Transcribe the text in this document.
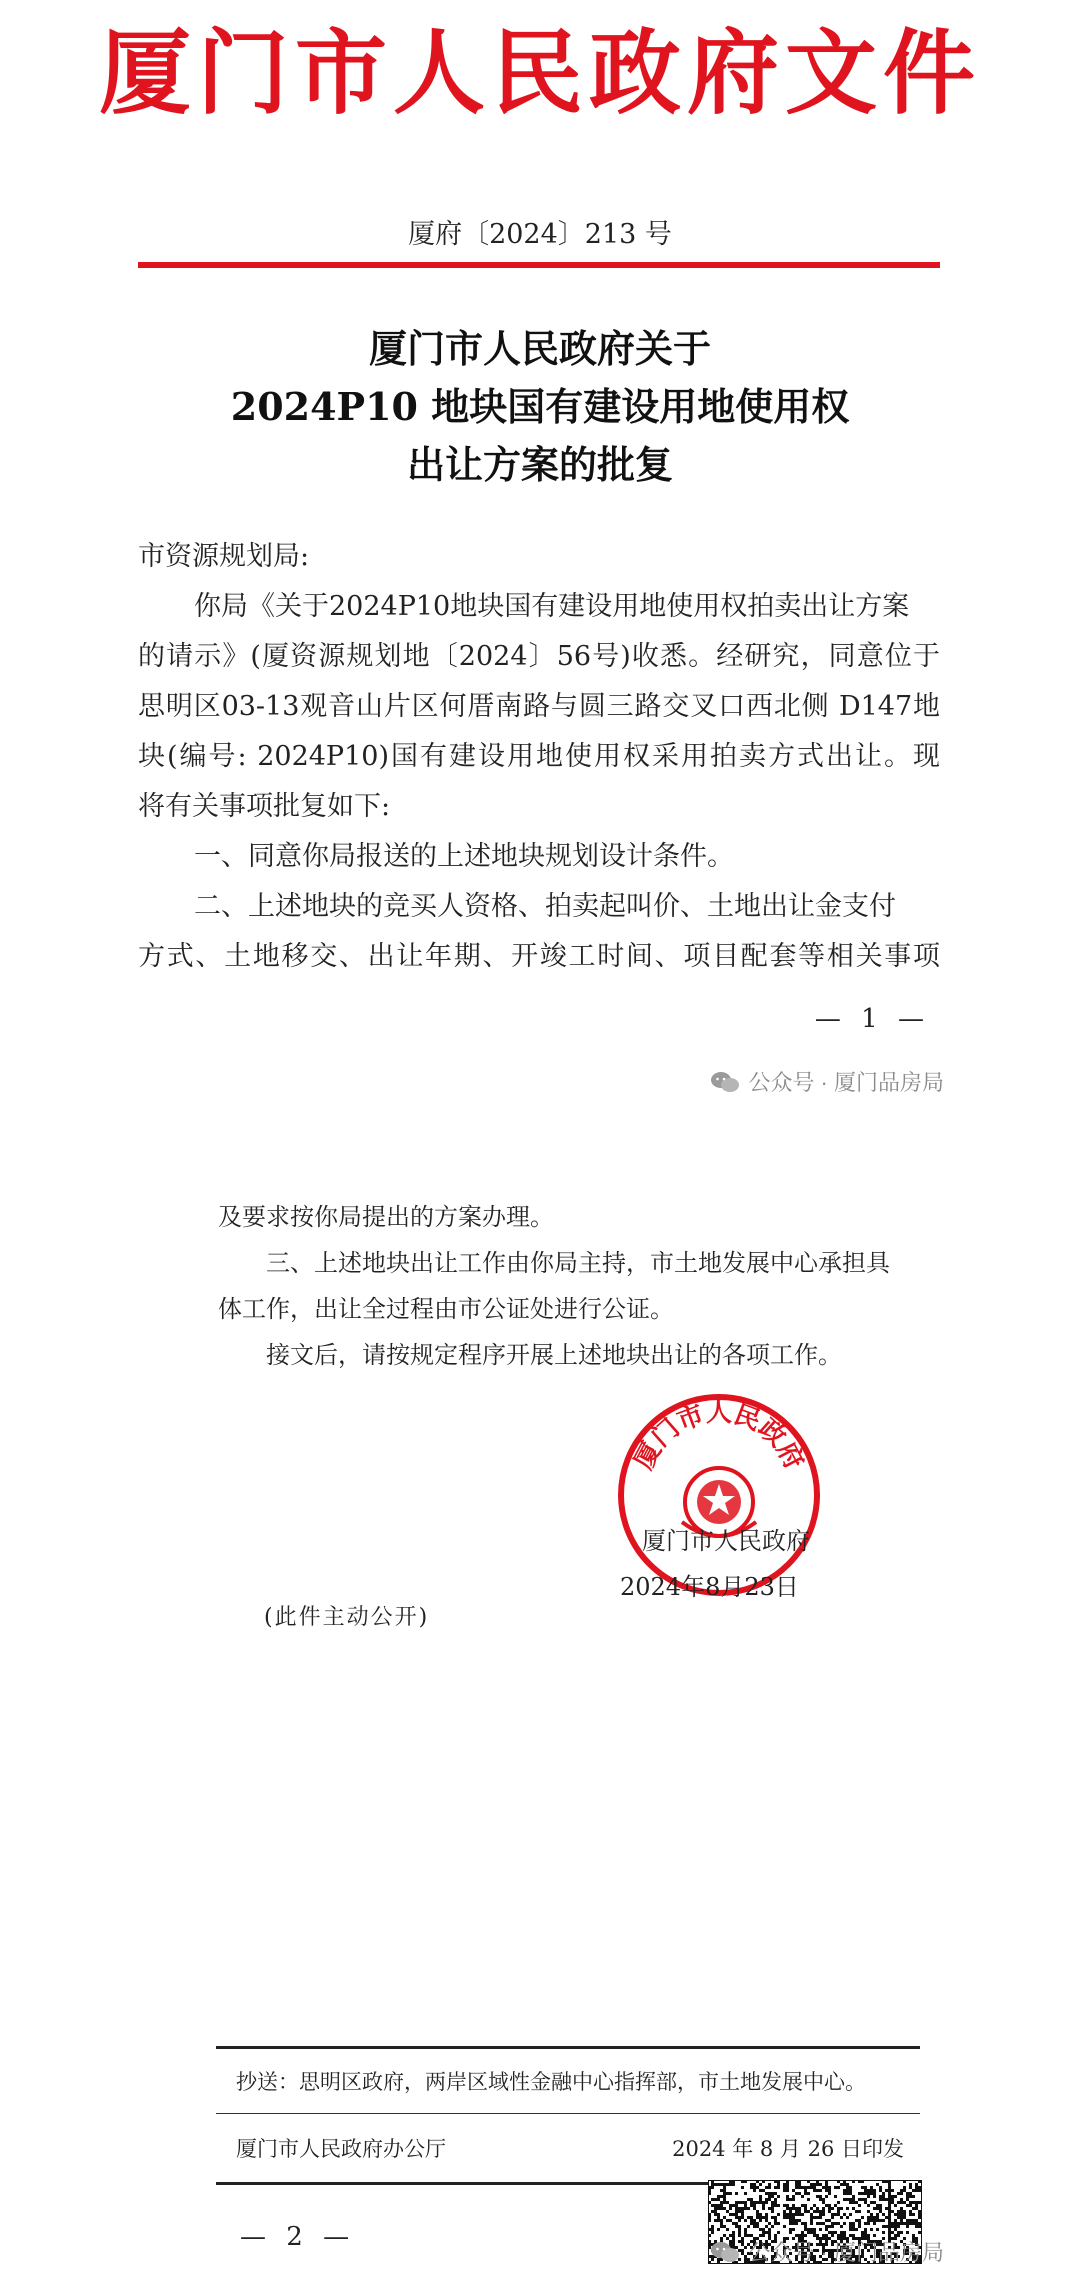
厦门市人民政府文件
厦府〔2024〕213 号
厦门市人民政府关于
2024P10 地块国有建设用地使用权
出让方案的批复
市资源规划局:
你局《关于2024P10地块国有建设用地使用权拍卖出让方案
的请示》(厦资源规划地〔2024〕56号)收悉。经研究，同意位于
思明区03-13观音山片区何厝南路与圆三路交叉口西北侧 D147地
块(编号: 2024P10)国有建设用地使用权采用拍卖方式出让。现
将有关事项批复如下:
一、同意你局报送的上述地块规划设计条件。
二、上述地块的竞买人资格、拍卖起叫价、土地出让金支付
方式、土地移交、出让年期、开竣工时间、项目配套等相关事项
— 1 —
公众号 · 厦门品房局
及要求按你局提出的方案办理。
三、上述地块出让工作由你局主持，市土地发展中心承担具
体工作，出让全过程由市公证处进行公证。
接文后，请按规定程序开展上述地块出让的各项工作。
厦门市人民政府
厦门市人民政府
2024年8月23日
(此件主动公开)
抄送：思明区政府，两岸区域性金融中心指挥部，市土地发展中心。
厦门市人民政府办公厅	2024 年 8 月 26 日印发
— 2 —
公众号 · 厦门品房局
